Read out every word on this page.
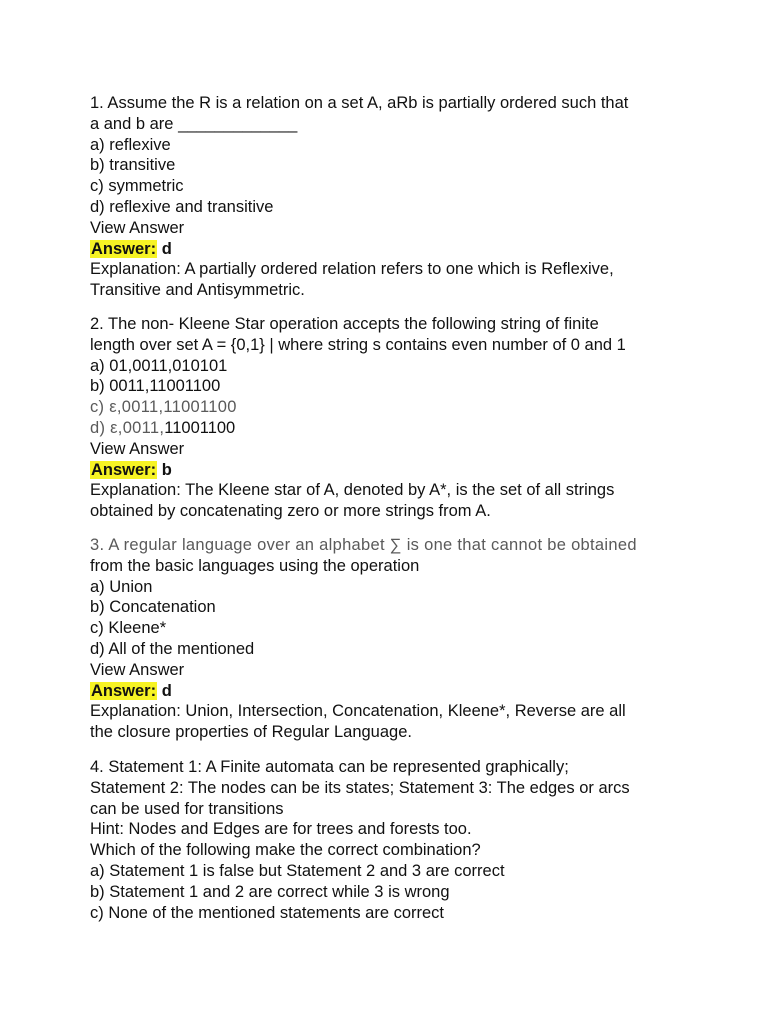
1. Assume the R is a relation on a set A, aRb is partially ordered such that
a and b are _____________
a) reflexive
b) transitive
c) symmetric
d) reflexive and transitive
View Answer
Answer: d
Explanation: A partially ordered relation refers to one which is Reflexive,
Transitive and Antisymmetric.
2. The non- Kleene Star operation accepts the following string of finite
length over set A = {0,1} | where string s contains even number of 0 and 1
a) 01,0011,010101
b) 0011,11001100
c) ε,0011,11001100
d) ε,0011,11001100
View Answer
Answer: b
Explanation: The Kleene star of A, denoted by A*, is the set of all strings
obtained by concatenating zero or more strings from A.
3. A regular language over an alphabet ∑ is one that cannot be obtained
from the basic languages using the operation
a) Union
b) Concatenation
c) Kleene*
d) All of the mentioned
View Answer
Answer: d
Explanation: Union, Intersection, Concatenation, Kleene*, Reverse are all
the closure properties of Regular Language.
4. Statement 1: A Finite automata can be represented graphically;
Statement 2: The nodes can be its states; Statement 3: The edges or arcs
can be used for transitions
Hint: Nodes and Edges are for trees and forests too.
Which of the following make the correct combination?
a) Statement 1 is false but Statement 2 and 3 are correct
b) Statement 1 and 2 are correct while 3 is wrong
c) None of the mentioned statements are correct
